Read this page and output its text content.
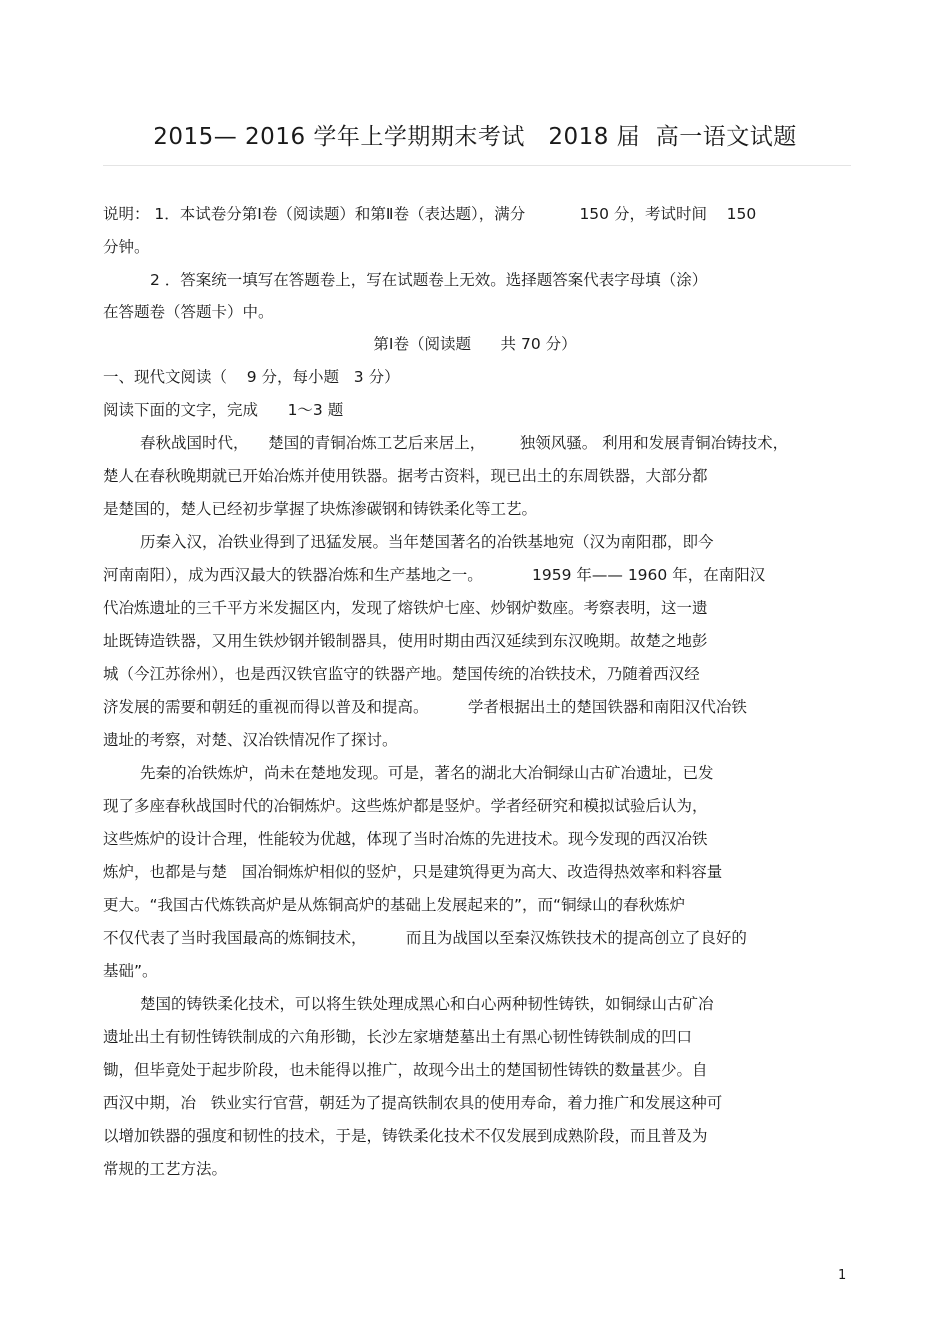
2015— 2016 学年上学期期末考试   2018 届  高一语文试题
说明： 1．本试卷分第Ⅰ卷（阅读题）和第Ⅱ卷（表达题），满分           150 分，考试时间    150
分钟。
2 ．答案统一填写在答题卷上，写在试题卷上无效。选择题答案代表字母填（涂）
在答题卷（答题卡）中。
第Ⅰ卷（阅读题      共 70 分）
一、现代文阅读（    9 分，每小题   3 分）
阅读下面的文字，完成      1～3 题
春秋战国时代，    楚国的青铜冶炼工艺后来居上，       独领风骚。 利用和发展青铜冶铸技术，
楚人在春秋晚期就已开始冶炼并使用铁器。据考古资料，现已出土的东周铁器，大部分都
是楚国的，楚人已经初步掌握了块炼渗碳钢和铸铁柔化等工艺。
历秦入汉，冶铁业得到了迅猛发展。当年楚国著名的冶铁基地宛（汉为南阳郡，即今
河南南阳），成为西汉最大的铁器冶炼和生产基地之一。          1959 年—— 1960 年，在南阳汉
代冶炼遗址的三千平方米发掘区内，发现了熔铁炉七座、炒钢炉数座。考察表明，这一遗
址既铸造铁器，又用生铁炒钢并锻制器具，使用时期由西汉延续到东汉晚期。故楚之地彭
城（今江苏徐州），也是西汉铁官监守的铁器产地。楚国传统的冶铁技术，乃随着西汉经
济发展的需要和朝廷的重视而得以普及和提高。        学者根据出土的楚国铁器和南阳汉代冶铁
遗址的考察，对楚、汉冶铁情况作了探讨。
先秦的冶铁炼炉，尚未在楚地发现。可是，著名的湖北大冶铜绿山古矿冶遗址，已发
现了多座春秋战国时代的冶铜炼炉。这些炼炉都是竖炉。学者经研究和模拟试验后认为，
这些炼炉的设计合理，性能较为优越，体现了当时冶炼的先进技术。现今发现的西汉冶铁
炼炉，也都是与楚   国冶铜炼炉相似的竖炉，只是建筑得更为高大、改造得热效率和料容量
更大。“我国古代炼铁高炉是从炼铜高炉的基础上发展起来的”，而“铜绿山的春秋炼炉
不仅代表了当时我国最高的炼铜技术，        而且为战国以至秦汉炼铁技术的提高创立了良好的
基础”。
楚国的铸铁柔化技术，可以将生铁处理成黑心和白心两种韧性铸铁，如铜绿山古矿冶
遗址出土有韧性铸铁制成的六角形锄，长沙左家塘楚墓出土有黑心韧性铸铁制成的凹口
锄，但毕竟处于起步阶段，也未能得以推广，故现今出土的楚国韧性铸铁的数量甚少。自
西汉中期，冶   铁业实行官营，朝廷为了提高铁制农具的使用寿命，着力推广和发展这种可
以增加铁器的强度和韧性的技术，于是，铸铁柔化技术不仅发展到成熟阶段，而且普及为
常规的工艺方法。
1
